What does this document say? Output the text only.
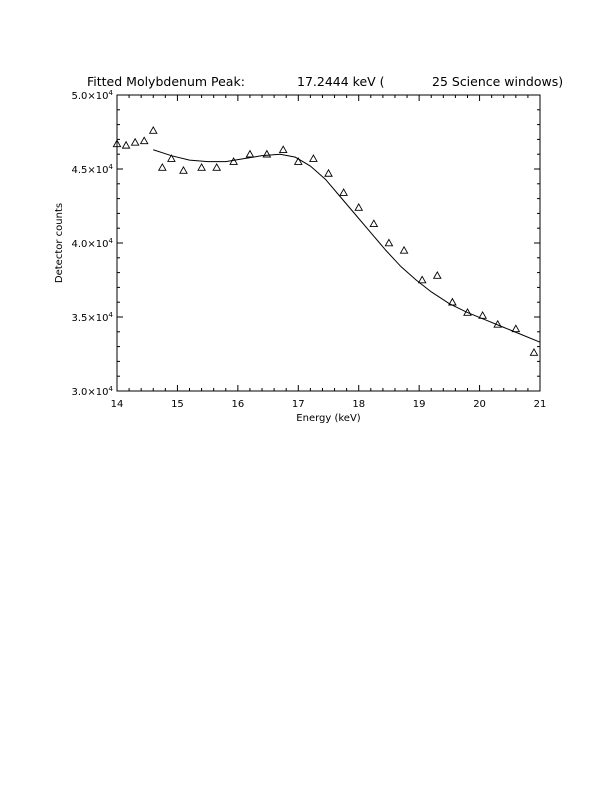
Fitted Molybdenum Peak:	17.2444 keV (	25 Science windows)
14	15	16	17	18	19	20	21
$3.0\times 10^4$
$3.5\times 10^4$
$4.0\times 10^4$
$4.5\times 10^4$
$5.0\times 10^4$
Energy (keV)
Detector counts
